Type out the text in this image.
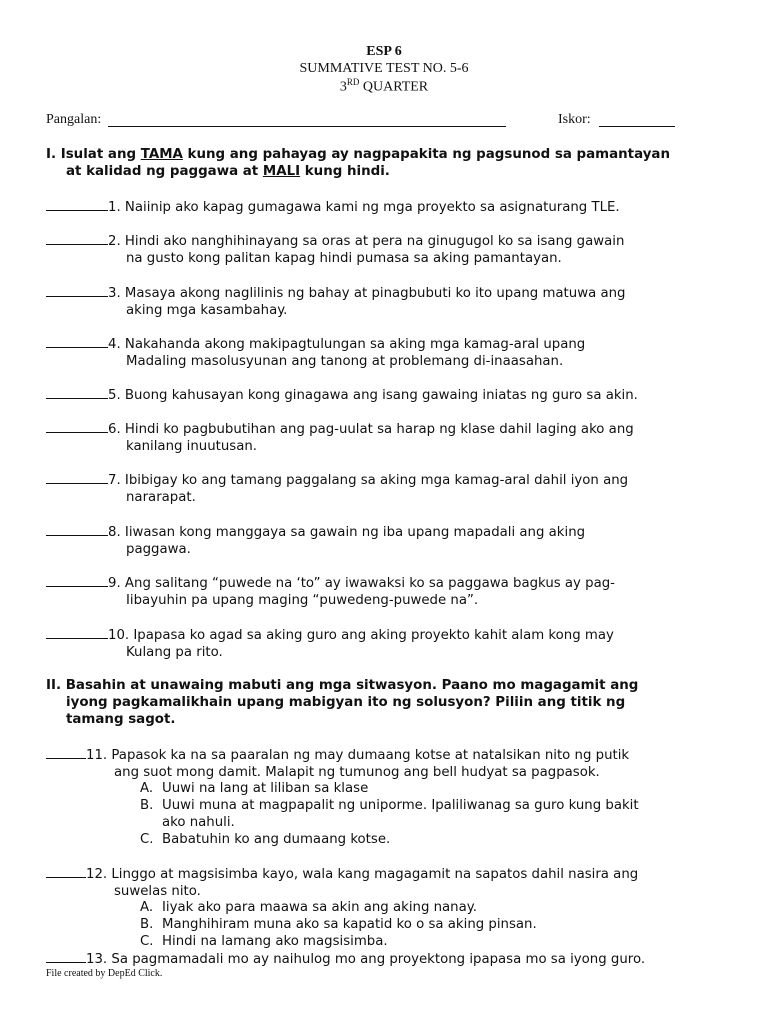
ESP 6
SUMMATIVE TEST NO. 5-6
3RD QUARTER
Pangalan:	Iskor:
I. Isulat ang TAMA kung ang pahayag ay nagpapakita ng pagsunod sa pamantayan
at kalidad ng paggawa at MALI kung hindi.
1. Naiinip ako kapag gumagawa kami ng mga proyekto sa asignaturang TLE.
2. Hindi ako nanghihinayang sa oras at pera na ginugugol ko sa isang gawain
na gusto kong palitan kapag hindi pumasa sa aking pamantayan.
3. Masaya akong naglilinis ng bahay at pinagbubuti ko ito upang matuwa ang
aking mga kasambahay.
4. Nakahanda akong makipagtulungan sa aking mga kamag-aral upang
Madaling masolusyunan ang tanong at problemang di-inaasahan.
5. Buong kahusayan kong ginagawa ang isang gawaing iniatas ng guro sa akin.
6. Hindi ko pagbubutihan ang pag-uulat sa harap ng klase dahil laging ako ang
kanilang inuutusan.
7. Ibibigay ko ang tamang paggalang sa aking mga kamag-aral dahil iyon ang
nararapat.
8. Iiwasan kong manggaya sa gawain ng iba upang mapadali ang aking
paggawa.
9. Ang salitang “puwede na ‘to” ay iwawaksi ko sa paggawa bagkus ay pag-
Iibayuhin pa upang maging “puwedeng-puwede na”.
10. Ipapasa ko agad sa aking guro ang aking proyekto kahit alam kong may
Kulang pa rito.
II. Basahin at unawaing mabuti ang mga sitwasyon. Paano mo magagamit ang
iyong pagkamalikhain upang mabigyan ito ng solusyon? Piliin ang titik ng
tamang sagot.
11. Papasok ka na sa paaralan ng may dumaang kotse at natalsikan nito ng putik
ang suot mong damit. Malapit ng tumunog ang bell hudyat sa pagpasok.
A. Uuwi na lang at liliban sa klase
B. Uuwi muna at magpapalit ng uniporme. Ipaliliwanag sa guro kung bakit
ako nahuli.
C. Babatuhin ko ang dumaang kotse.
12. Linggo at magsisimba kayo, wala kang magagamit na sapatos dahil nasira ang
suwelas nito.
A. Iiyak ako para maawa sa akin ang aking nanay.
B. Manghihiram muna ako sa kapatid ko o sa aking pinsan.
C. Hindi na lamang ako magsisimba.
13. Sa pagmamadali mo ay naihulog mo ang proyektong ipapasa mo sa iyong guro.
File created by DepEd Click.
